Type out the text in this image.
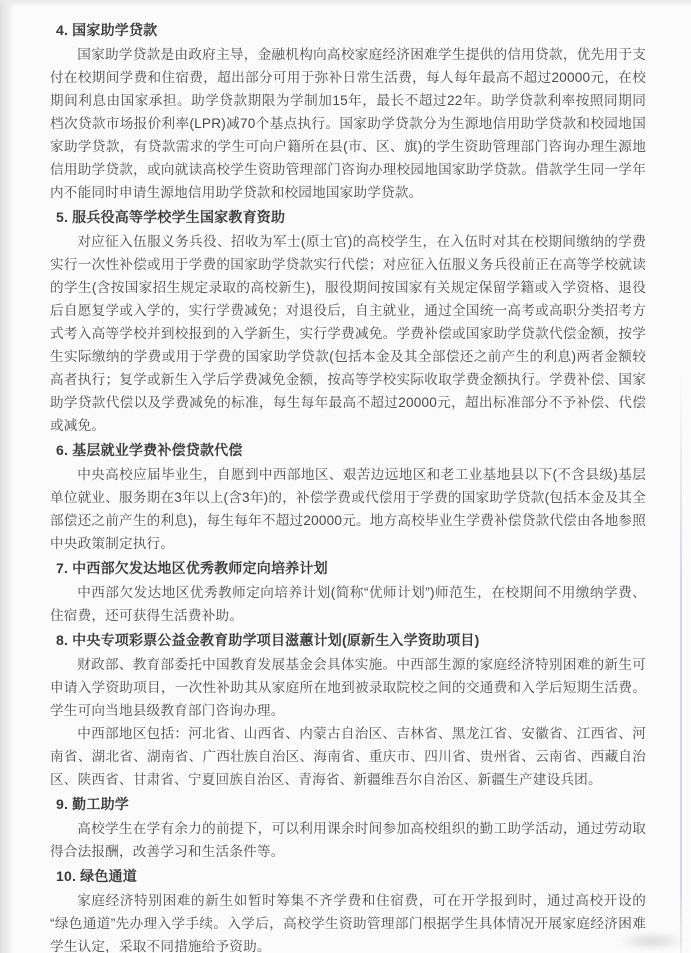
4. 国家助学贷款

国家助学贷款是由政府主导，金融机构向高校家庭经济困难学生提供的信用贷款，优先用于支付在校期间学费和住宿费，超出部分可用于弥补日常生活费，每人每年最高不超过20000元，在校期间利息由国家承担。助学贷款期限为学制加15年，最长不超过22年。助学贷款利率按照同期同档次贷款市场报价利率(LPR)减70个基点执行。国家助学贷款分为生源地信用助学贷款和校园地国家助学贷款，有贷款需求的学生可向户籍所在县(市、区、旗)的学生资助管理部门咨询办理生源地信用助学贷款，或向就读高校学生资助管理部门咨询办理校园地国家助学贷款。借款学生同一学年内不能同时申请生源地信用助学贷款和校园地国家助学贷款。

5. 服兵役高等学校学生国家教育资助

对应征入伍服义务兵役、招收为军士(原士官)的高校学生，在入伍时对其在校期间缴纳的学费实行一次性补偿或用于学费的国家助学贷款实行代偿；对应征入伍服义务兵役前正在高等学校就读的学生(含按国家招生规定录取的高校新生)，服役期间按国家有关规定保留学籍或入学资格、退役后自愿复学或入学的，实行学费减免；对退役后，自主就业，通过全国统一高考或高职分类招考方式考入高等学校并到校报到的入学新生，实行学费减免。学费补偿或国家助学贷款代偿金额，按学生实际缴纳的学费或用于学费的国家助学贷款(包括本金及其全部偿还之前产生的利息)两者金额较高者执行；复学或新生入学后学费减免金额，按高等学校实际收取学费金额执行。学费补偿、国家助学贷款代偿以及学费减免的标准，每生每年最高不超过20000元，超出标准部分不予补偿、代偿或减免。

6. 基层就业学费补偿贷款代偿

中央高校应届毕业生，自愿到中西部地区、艰苦边远地区和老工业基地县以下(不含县级)基层单位就业、服务期在3年以上(含3年)的，补偿学费或代偿用于学费的国家助学贷款(包括本金及其全部偿还之前产生的利息)，每生每年不超过20000元。地方高校毕业生学费补偿贷款代偿由各地参照中央政策制定执行。

7. 中西部欠发达地区优秀教师定向培养计划

中西部欠发达地区优秀教师定向培养计划(简称“优师计划”)师范生，在校期间不用缴纳学费、住宿费，还可获得生活费补助。

8. 中央专项彩票公益金教育助学项目滋蕙计划(原新生入学资助项目)

财政部、教育部委托中国教育发展基金会具体实施。中西部生源的家庭经济特别困难的新生可申请入学资助项目，一次性补助其从家庭所在地到被录取院校之间的交通费和入学后短期生活费。学生可向当地县级教育部门咨询办理。

中西部地区包括：河北省、山西省、内蒙古自治区、吉林省、黑龙江省、安徽省、江西省、河南省、湖北省、湖南省、广西壮族自治区、海南省、重庆市、四川省、贵州省、云南省、西藏自治区、陕西省、甘肃省、宁夏回族自治区、青海省、新疆维吾尔自治区、新疆生产建设兵团。

9. 勤工助学

高校学生在学有余力的前提下，可以利用课余时间参加高校组织的勤工助学活动，通过劳动取得合法报酬，改善学习和生活条件等。

10. 绿色通道

家庭经济特别困难的新生如暂时筹集不齐学费和住宿费，可在开学报到时，通过高校开设的“绿色通道”先办理入学手续。入学后，高校学生资助管理部门根据学生具体情况开展家庭经济困难学生认定，采取不同措施给予资助。
